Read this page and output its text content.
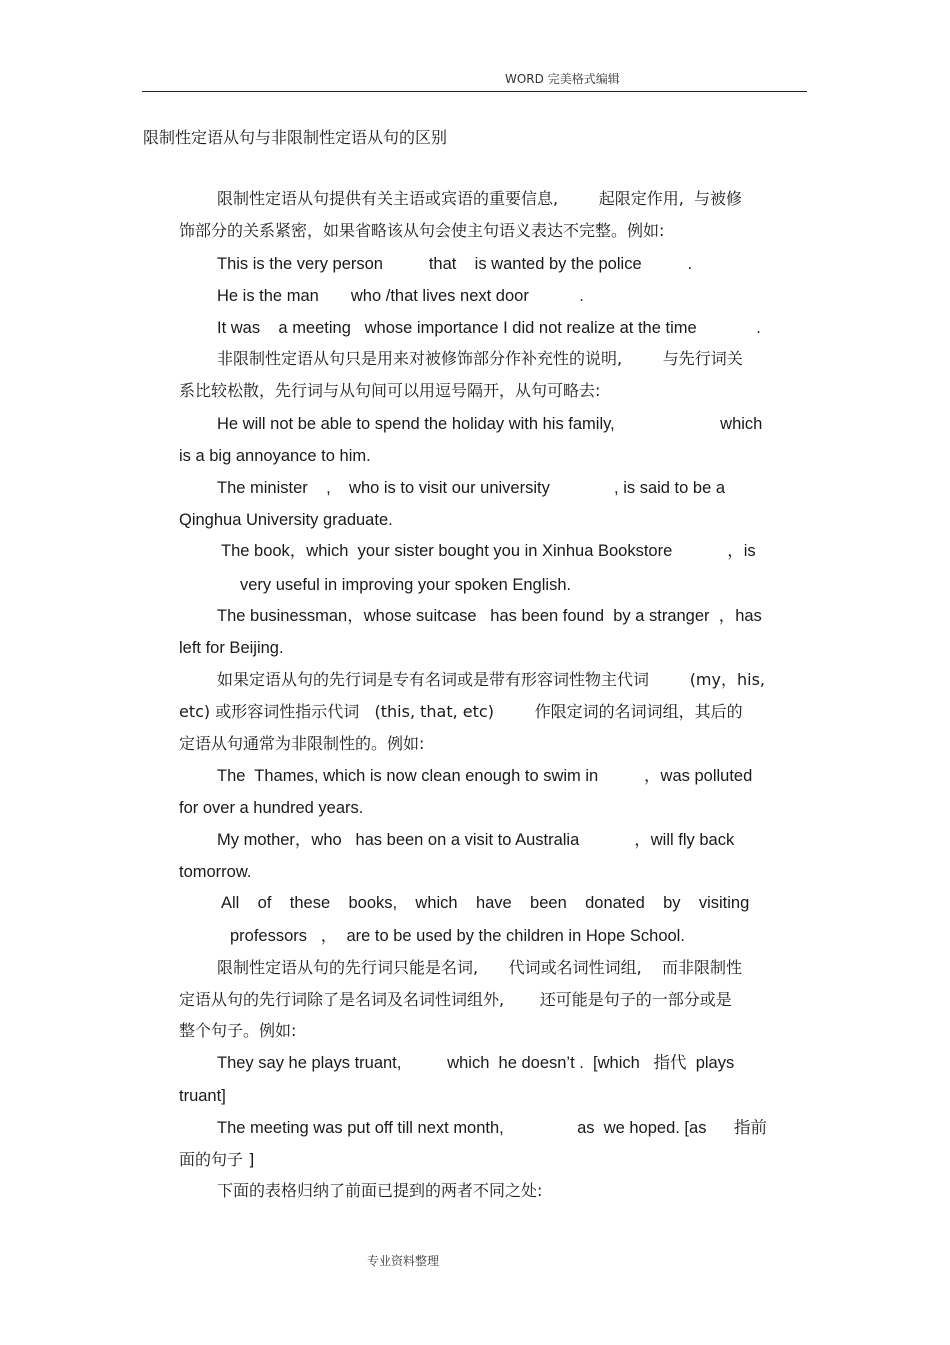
WORD 完美格式编辑
限制性定语从句与非限制性定语从句的区别
限制性定语从句提供有关主语或宾语的重要信息,        起限定作用,  与被修
饰部分的关系紧密，如果省略该从句会使主句语义表达不完整。例如:
This is the very person          that    is wanted by the police          .
He is the man       who /that lives next door           .
It was    a meeting   whose importance I did not realize at the time             .
非限制性定语从句只是用来对被修饰部分作补充性的说明,        与先行词关
系比较松散，先行词与从句间可以用逗号隔开，从句可略去:
He will not be able to spend the holiday with his family,                       which
is a big annoyance to him.
The minister    ,    who is to visit our university              , is said to be a
Qinghua University graduate.
The book，which  your sister bought you in Xinhua Bookstore            ，is
very useful in improving your spoken English.
The businessman，whose suitcase   has been found  by a stranger  ，has
left for Beijing.
如果定语从句的先行词是专有名词或是带有形容词性物主代词        (my，his,
etc) 或形容词性指示代词   (this, that, etc)        作限定词的名词词组，其后的
定语从句通常为非限制性的。例如:
The  Thames, which is now clean enough to swim in          ，was polluted
for over a hundred years.
My mother，who   has been on a visit to Australia            ，will fly back
tomorrow.
All    of    these    books,    which    have    been    donated    by    visiting
professors   ，  are to be used by the children in Hope School.
限制性定语从句的先行词只能是名词,      代词或名词性词组,    而非限制性
定语从句的先行词除了是名词及名词性词组外,       还可能是句子的一部分或是
整个句子。例如:
They say he plays truant,          which  he doesn’t .  [which   指代  plays
truant]
The meeting was put off till next month,                as  we hoped. [as      指前
面的句子 ]
下面的表格归纳了前面已提到的两者不同之处:
专业资料整理
